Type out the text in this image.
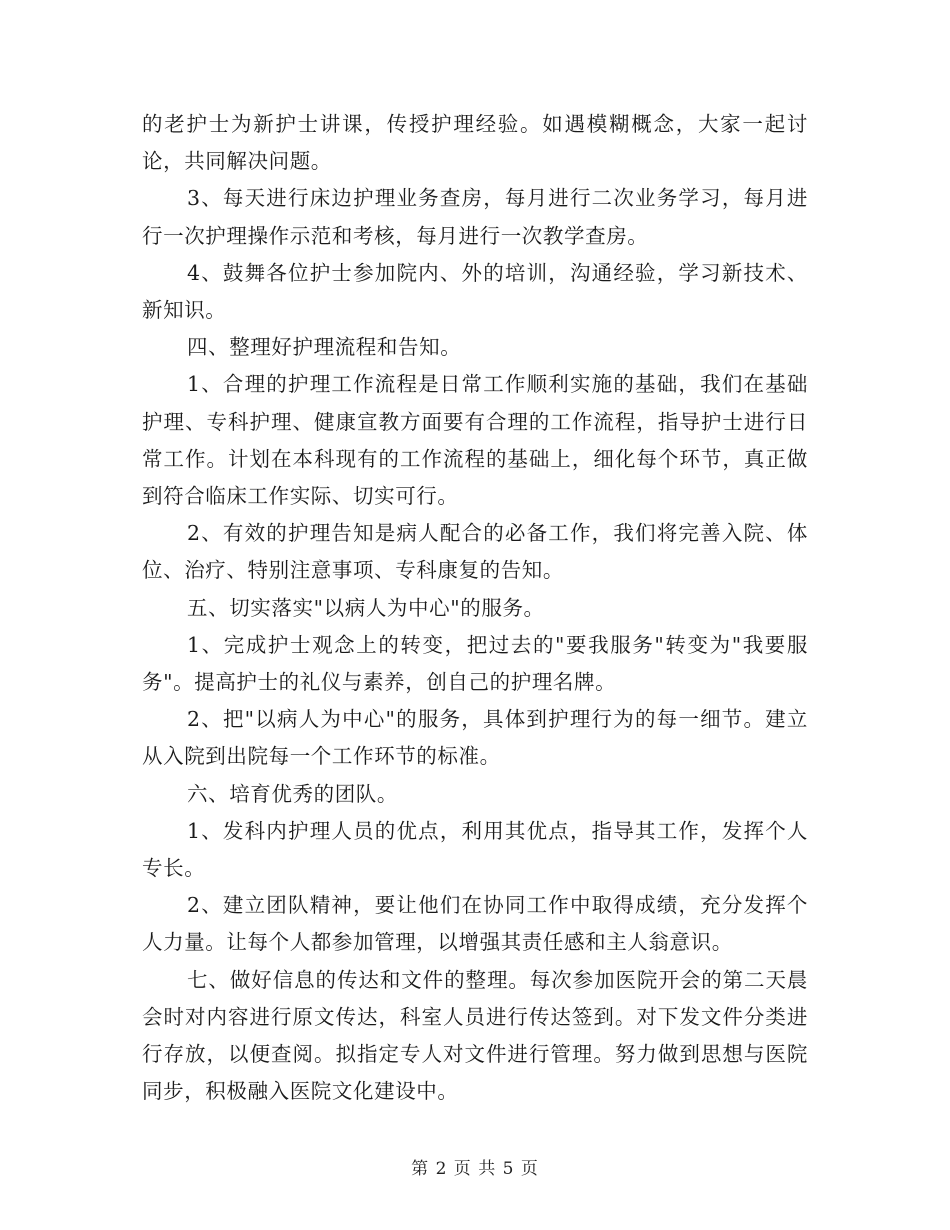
的老护士为新护士讲课，传授护理经验。如遇模糊概念，大家一起讨论，共同解决问题。

3、每天进行床边护理业务查房，每月进行二次业务学习，每月进行一次护理操作示范和考核，每月进行一次教学查房。

4、鼓舞各位护士参加院内、外的培训，沟通经验，学习新技术、新知识。

四、整理好护理流程和告知。

1、合理的护理工作流程是日常工作顺利实施的基础，我们在基础护理、专科护理、健康宣教方面要有合理的工作流程，指导护士进行日常工作。计划在本科现有的工作流程的基础上，细化每个环节，真正做到符合临床工作实际、切实可行。

2、有效的护理告知是病人配合的必备工作，我们将完善入院、体位、治疗、特别注意事项、专科康复的告知。

五、切实落实"以病人为中心"的服务。

1、完成护士观念上的转变，把过去的"要我服务"转变为"我要服务"。提高护士的礼仪与素养，创自己的护理名牌。

2、把"以病人为中心"的服务，具体到护理行为的每一细节。建立从入院到出院每一个工作环节的标准。

六、培育优秀的团队。

1、发科内护理人员的优点，利用其优点，指导其工作，发挥个人专长。

2、建立团队精神，要让他们在协同工作中取得成绩，充分发挥个人力量。让每个人都参加管理，以增强其责任感和主人翁意识。

七、做好信息的传达和文件的整理。每次参加医院开会的第二天晨会时对内容进行原文传达，科室人员进行传达签到。对下发文件分类进行存放，以便查阅。拟指定专人对文件进行管理。努力做到思想与医院同步，积极融入医院文化建设中。

第 2 页 共 5 页
